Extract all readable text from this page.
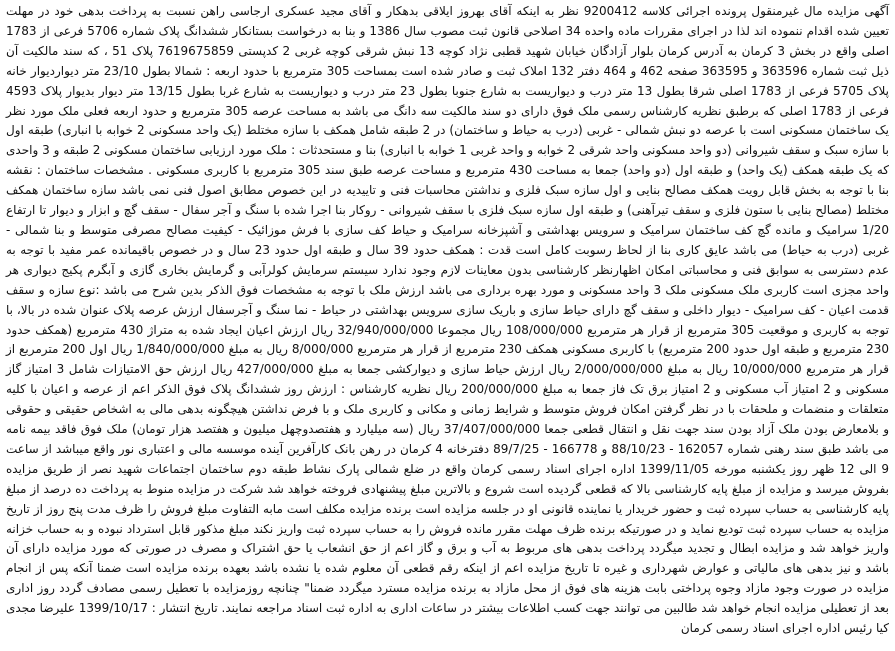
آگهی مزایده مال غیرمنقول پرونده اجرائی کلاسه 9200412 نظر به اینکه آقای بهروز ایلاقی بدهکار و آقای مجید عسکری ارجاسی راهن نسبت به پرداخت بدهی خود در مهلت تعیین شده اقدام ننموده اند لذا در اجرای مقررات ماده واحده 34 اصلاحی قانون ثبت مصوب سال 1386 و بنا به درخواست بستانکار ششدانگ پلاک شماره 5706 فرعی از 1783 اصلی واقع در بخش 3 کرمان به آدرس کرمان بلوار آزادگان خیابان شهید قطبی نژاد کوچه 13 نبش شرقی کوچه غربی 2 کدپستی 7619675859 پلاک 51 ، که سند مالکیت آن ذیل ثبت شماره 363596 و 363595 صفحه 462 و 464 دفتر 132 املاک ثبت و صادر شده است بمساحت 305 مترمربع با حدود اربعه : شمالا بطول 23/10 متر دیواردیوار خانه پلاک 5705 فرعی از 1783 اصلی شرقا بطول 13 متر درب و دیواریست به شارع جنوبا بطول 23 متر درب و دیواریست به شارع غربا بطول 13/15 متر دیوار بدیوار پلاک 4593 فرعی از 1783 اصلی که برطبق نظریه کارشناس رسمی ملک فوق دارای دو سند مالکیت سه دانگ می باشد به مساحت عرصه 305 مترمربع و حدود اربعه فعلی ملک مورد نظر یک ساختمان مسکونی است با عرصه دو نبش شمالی - غربی (درب به حیاط و ساختمان) در 2 طبقه شامل همکف با سازه مختلط (یک واحد مسکونی 2 خوابه با انباری) طبقه اول با سازه سبک و سقف شیروانی (دو واحد مسکونی واحد شرقی 2 خوابه و واحد غربی 1 خوابه با انباری) بنا و مستحدثات : ملک مورد ارزیابی ساختمان مسکونی 2 طبقه و 3 واحدی که یک طبقه همکف (یک واحد) و طبقه اول (دو واحد) جمعا به مساحت 430 مترمربع و مساحت عرصه طبق سند 305 مترمربع با کاربری مسکونی . مشخصات ساختمان : نقشه بنا با توجه به بخش قابل رویت همکف مصالح بنایی و اول سازه سبک فلزی و نداشتن محاسبات فنی و تاییدیه در این خصوص مطابق اصول فنی نمی باشد سازه ساختمان همکف مختلط (مصالح بنایی با ستون فلزی و سقف تیرآهنی) و طبقه اول سازه سبک فلزی با سقف شیروانی - روکار بنا اجرا شده با سنگ و آجر سفال - سقف گچ و ابزار و دیوار تا ارتفاع 1/20 سرامیک و مانده گچ کف ساختمان سرامیک و سرویس بهداشتی و آشپزخانه سرامیک و حیاط کف سازی با فرش موزائیک - کیفیت مصالح مصرفی متوسط و بنا شمالی - غربی (درب به حیاط) می باشد عایق کاری بنا از لحاظ رسوبت کامل است قدت : همکف حدود 39 سال و طبقه اول حدود 23 سال و در خصوص باقیمانده عمر مفید با توجه به عدم دسترسی به سوابق فنی و محاسباتی امکان اظهارنظر کارشناسی بدون معاینات لازم وجود ندارد سیستم سرمایش کولرآبی و گرمایش بخاری گازی و آبگرم پکیج دیواری هر واحد مجزی است کاربری ملک مسکونی ملک 3 واحد مسکونی و مورد بهره برداری می باشد ارزش ملک با توجه به مشخصات فوق الذکر بدین شرح می باشد :نوع سازه و سقف قدمت اعیان - کف سرامیک - دیوار داخلی و سقف گچ دارای حیاط سازی و باریک سازی سرویس بهداشتی در حیاط - نما سنگ و آجرسفال ارزش عرصه پلاک عنوان شده در بالا، با توجه به کاربری و موقعیت 305 مترمربع از قرار هر مترمربع 108/000/000 ریال مجموعا 32/940/000/000 ریال ارزش اعیان ایجاد شده به متراژ 430 مترمربع (همکف حدود 230 مترمربع و طبقه اول حدود 200 مترمربع) با کاربری مسکونی همکف 230 مترمربع از قرار هر مترمربع 8/000/000 ریال به مبلغ 1/840/000/000 ریال اول 200 مترمربع از قرار هر مترمربع 10/000/000 ریال به مبلغ 2/000/000/000 ریال ارزش حیاط سازی و دیوارکشی جمعا به مبلغ 427/000/000 ریال ارزش حق الامتیازات شامل 3 امتیاز گاز مسکونی و 2 امتیاز آب مسکونی و 2 امتیاز برق تک فاز جمعا به مبلغ 200/000/000 ریال نظریه کارشناس : ارزش روز ششدانگ پلاک فوق الذکر اعم از عرصه و اعیان با کلیه متعلقات و منضمات و ملحقات با در نظر گرفتن امکان فروش متوسط و شرایط زمانی و مکانی و کاربری ملک و با فرض نداشتن هیچگونه بدهی مالی به اشخاص حقیقی و حقوقی و بلامعارض بودن ملک آزاد بودن سند جهت نقل و انتقال قطعی جمعا 37/407/000/000 ریال (سه میلیارد و هفتصدوچهل میلیون و هفتصد هزار تومان) ملک فوق فاقد بیمه نامه می باشد طبق سند رهنی شماره 162057 - 88/10/23 و 166778 - 89/7/25 دفترخانه 4 کرمان در رهن بانک کارآفرین آینده موسسه مالی و اعتباری نور واقع میباشد از ساعت 9 الی 12 ظهر روز یکشنبه مورخه 1399/11/05 اداره اجرای اسناد رسمی کرمان واقع در ضلع شمالی پارک نشاط طبقه دوم ساختمان اجتماعات شهید نصر از طریق مزایده بفروش میرسد و مزایده از مبلغ پایه کارشناسی بالا که قطعی گردیده است شروع و بالاترین مبلغ پیشنهادی فروخته خواهد شد شرکت در مزایده منوط به پرداخت ده درصد از مبلغ پایه کارشناسی به حساب سپرده ثبت و حضور خریدار یا نماینده قانونی او در جلسه مزایده است برنده مزایده مکلف است مابه التفاوت مبلغ فروش را ظرف مدت پنج روز از تاریخ مزایده به حساب سپرده ثبت تودیع نماید و در صورتیکه برنده ظرف مهلت مقرر مانده فروش را به حساب سپرده ثبت واریز نکند مبلغ مذکور قابل استرداد نبوده و به حساب خزانه واریز خواهد شد و مزایده ابطال و تجدید میگردد پرداخت بدهی های مربوط به آب و برق و گاز اعم از حق انشعاب یا حق اشتراک و مصرف در صورتی که مورد مزایده دارای آن باشد و نیز بدهی های مالیاتی و عوارض شهرداری و غیره تا تاریخ مزایده اعم از اینکه رقم قطعی آن معلوم شده یا نشده باشد بعهده برنده مزایده است ضمنا آنکه پس از انجام مزایده در صورت وجود مازاد وجوه پرداختی بابت هزینه های فوق از محل مازاد به برنده مزایده مسترد میگردد ضمنا" چنانچه روزمزایده با تعطیل رسمی مصادف گردد روز اداری بعد از تعطیلی مزایده انجام خواهد شد طالبین می توانند جهت کسب اطلاعات بیشتر در ساعات اداری به اداره ثبت اسناد مراجعه نمایند. تاریخ انتشار : 1399/10/17 علیرضا مجدی کیا رئیس اداره اجرای اسناد رسمی کرمان
